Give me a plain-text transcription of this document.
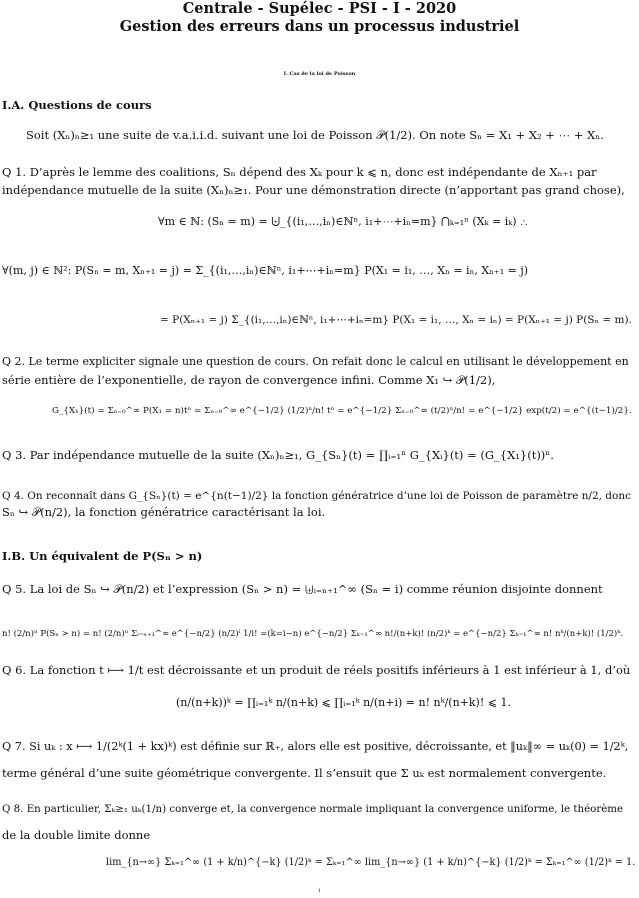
Centrale - Supélec - PSI - I - 2020
Gestion des erreurs dans un processus industriel
I. Cas de la loi de Poisson
I.A. Questions de cours
Soit (Xₙ)ₙ≥₁ une suite de v.a.i.i.d. suivant une loi de Poisson 𝒫(1/2). On note Sₙ = X₁ + X₂ + ⋯ + Xₙ.
Q 1. D’après le lemme des coalitions, Sₙ dépend des Xₖ pour k ⩽ n, donc est indépendante de Xₙ₊₁ par
indépendance mutuelle de la suite (Xₙ)ₙ≥₁. Pour une démonstration directe (n’apportant pas grand chose),
∀m ∈ ℕ: (Sₙ = m) = ⨄_{(i₁,…,iₙ)∈ℕⁿ, i₁+⋯+iₙ=m} ⋂ₖ₌₁ⁿ (Xₖ = iₖ) ∴
∀(m, j) ∈ ℕ²: P(Sₙ = m, Xₙ₊₁ = j) = Σ_{(i₁,…,iₙ)∈ℕⁿ, i₁+⋯+iₙ=m} P(X₁ = i₁, …, Xₙ = iₙ, Xₙ₊₁ = j)
= P(Xₙ₊₁ = j) Σ_{(i₁,…,iₙ)∈ℕⁿ, i₁+⋯+iₙ=m} P(X₁ = i₁, …, Xₙ = iₙ) = P(Xₙ₊₁ = j) P(Sₙ = m).
Q 2. Le terme expliciter signale une question de cours. On refait donc le calcul en utilisant le développement en
série entière de l’exponentielle, de rayon de convergence infini. Comme X₁ ↪ 𝒫(1/2),
G_{X₁}(t) = Σₙ₌₀^∞ P(X₁ = n)tⁿ = Σₙ₌₀^∞ e^{−1/2} (1/2)ⁿ/n! tⁿ = e^{−1/2} Σₙ₌₀^∞ (t/2)ⁿ/n! = e^{−1/2} exp(t/2) = e^{(t−1)/2}.
Q 3. Par indépendance mutuelle de la suite (Xₙ)ₙ≥₁, G_{Sₙ}(t) = ∏ᵢ₌₁ⁿ G_{Xᵢ}(t) = (G_{X₁}(t))ⁿ.
Q 4. On reconnaît dans G_{Sₙ}(t) = e^{n(t−1)/2} la fonction génératrice d’une loi de Poisson de paramètre n/2, donc
Sₙ ↪ 𝒫(n/2), la fonction génératrice caractérisant la loi.
I.B. Un équivalent de P(Sₙ > n)
Q 5. La loi de Sₙ ↪ 𝒫(n/2) et l’expression (Sₙ > n) = ⨄ᵢ₌ₙ₊₁^∞ (Sₙ = i) comme réunion disjointe donnent
n! (2/n)ⁿ P(Sₙ > n) = n! (2/n)ⁿ Σᵢ₌ₙ₊₁^∞ e^{−n/2} (n/2)ⁱ 1/i! =(k=i−n) e^{−n/2} Σₖ₌₁^∞ n!/(n+k)! (n/2)ᵏ = e^{−n/2} Σₖ₌₁^∞ n! nᵏ/(n+k)! (1/2)ᵏ.
Q 6. La fonction t ⟼ 1/t est décroissante et un produit de réels positifs inférieurs à 1 est inférieur à 1, d’où
(n/(n+k))ᵏ = ∏ᵢ₌₁ᵏ n/(n+k) ⩽ ∏ᵢ₌₁ᵏ n/(n+i) = n! nᵏ/(n+k)! ⩽ 1.
Q 7. Si uₖ : x ⟼ 1/(2ᵏ(1 + kx)ᵏ) est définie sur ℝ₊, alors elle est positive, décroissante, et ‖uₖ‖∞ = uₖ(0) = 1/2ᵏ,
terme général d’une suite géométrique convergente. Il s’ensuit que Σ uₖ est normalement convergente.
Q 8. En particulier, Σₖ≥₁ uₖ(1/n) converge et, la convergence normale impliquant la convergence uniforme, le théorème
de la double limite donne
lim_{n→∞} Σₖ₌₁^∞ (1 + k/n)^{−k} (1/2)ᵏ = Σₖ₌₁^∞ lim_{n→∞} (1 + k/n)^{−k} (1/2)ᵏ = Σₖ₌₁^∞ (1/2)ᵏ = 1.
1
